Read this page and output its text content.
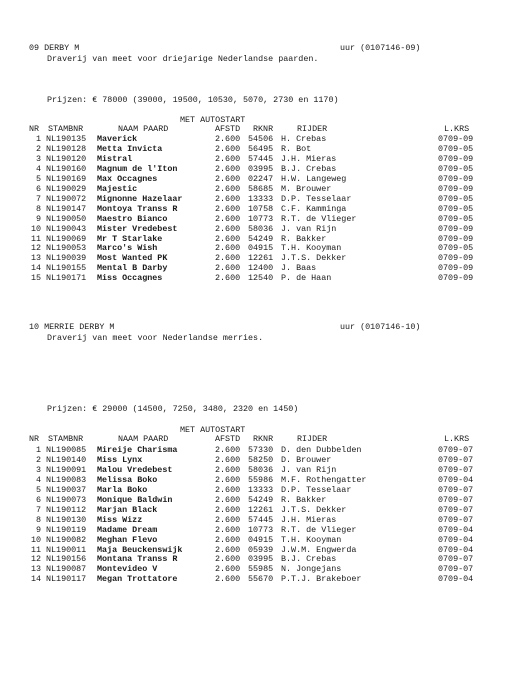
09 DERBY M	uur (0107146-09)
Draverij van meet voor driejarige Nederlandse paarden.
Prijzen: € 78000 (39000, 19500, 10530, 5070, 2730 en 1170)
MET AUTOSTART
NR STAMBNR	NAAM PAARD	AFSTD RKNR	RIJDER	L.KRS
1 NL190135 Maverick	2.600 54506 H. Crebas	0709-09
2 NL190128 Metta Invicta	2.600 56495 R. Bot	0709-05
3 NL190120 Mistral	2.600 57445 J.H. Mieras	0709-09
4 NL190160 Magnum de l'Iton	2.600 03995 B.J. Crebas	0709-05
5 NL190169 Max Occagnes	2.600 02247 H.W. Langeweg	0709-09
6 NL190029 Majestic	2.600 58685 M. Brouwer	0709-09
7 NL190072 Mignonne Hazelaar	2.600 13333 D.P. Tesselaar	0709-05
8 NL190147 Montoya Transs R	2.600 10758 C.F. Kamminga	0709-05
9 NL190050 Maestro Bianco	2.600 10773 R.T. de Vlieger	0709-05
10 NL190043 Mister Vredebest	2.600 58036 J. van Rijn	0709-09
11 NL190069 Mr T Starlake	2.600 54249 R. Bakker	0709-09
12 NL190053 Marco's Wish	2.600 04915 T.H. Kooyman	0709-05
13 NL190039 Most Wanted PK	2.600 12261 J.T.S. Dekker	0709-09
14 NL190155 Mental B Darby	2.600 12400 J. Baas	0709-09
15 NL190171 Miss Occagnes	2.600 12540 P. de Haan	0709-09
10 MERRIE DERBY M	uur (0107146-10)
Draverij van meet voor Nederlandse merries.
Prijzen: € 29000 (14500, 7250, 3480, 2320 en 1450)
MET AUTOSTART
NR STAMBNR	NAAM PAARD	AFSTD RKNR	RIJDER	L.KRS
1 NL190085 Mireije Charisma	2.600 57330 D. den Dubbelden	0709-07
2 NL190140 Miss Lynx	2.600 58250 D. Brouwer	0709-07
3 NL190091 Malou Vredebest	2.600 58036 J. van Rijn	0709-07
4 NL190083 Melissa Boko	2.600 55986 M.F. Rothengatter	0709-04
5 NL190037 Marla Boko	2.600 13333 D.P. Tesselaar	0709-07
6 NL190073 Monique Baldwin	2.600 54249 R. Bakker	0709-07
7 NL190112 Marjan Black	2.600 12261 J.T.S. Dekker	0709-07
8 NL190130 Miss Wizz	2.600 57445 J.H. Mieras	0709-07
9 NL190119 Madame Dream	2.600 10773 R.T. de Vlieger	0709-04
10 NL190082 Meghan Flevo	2.600 04915 T.H. Kooyman	0709-04
11 NL190011 Maja Beuckenswijk	2.600 05939 J.W.M. Engwerda	0709-04
12 NL190156 Montana Transs R	2.600 03995 B.J. Crebas	0709-07
13 NL190087 Montevideo V	2.600 55985 N. Jongejans	0709-07
14 NL190117 Megan Trottatore	2.600 55670 P.T.J. Brakeboer	0709-04
